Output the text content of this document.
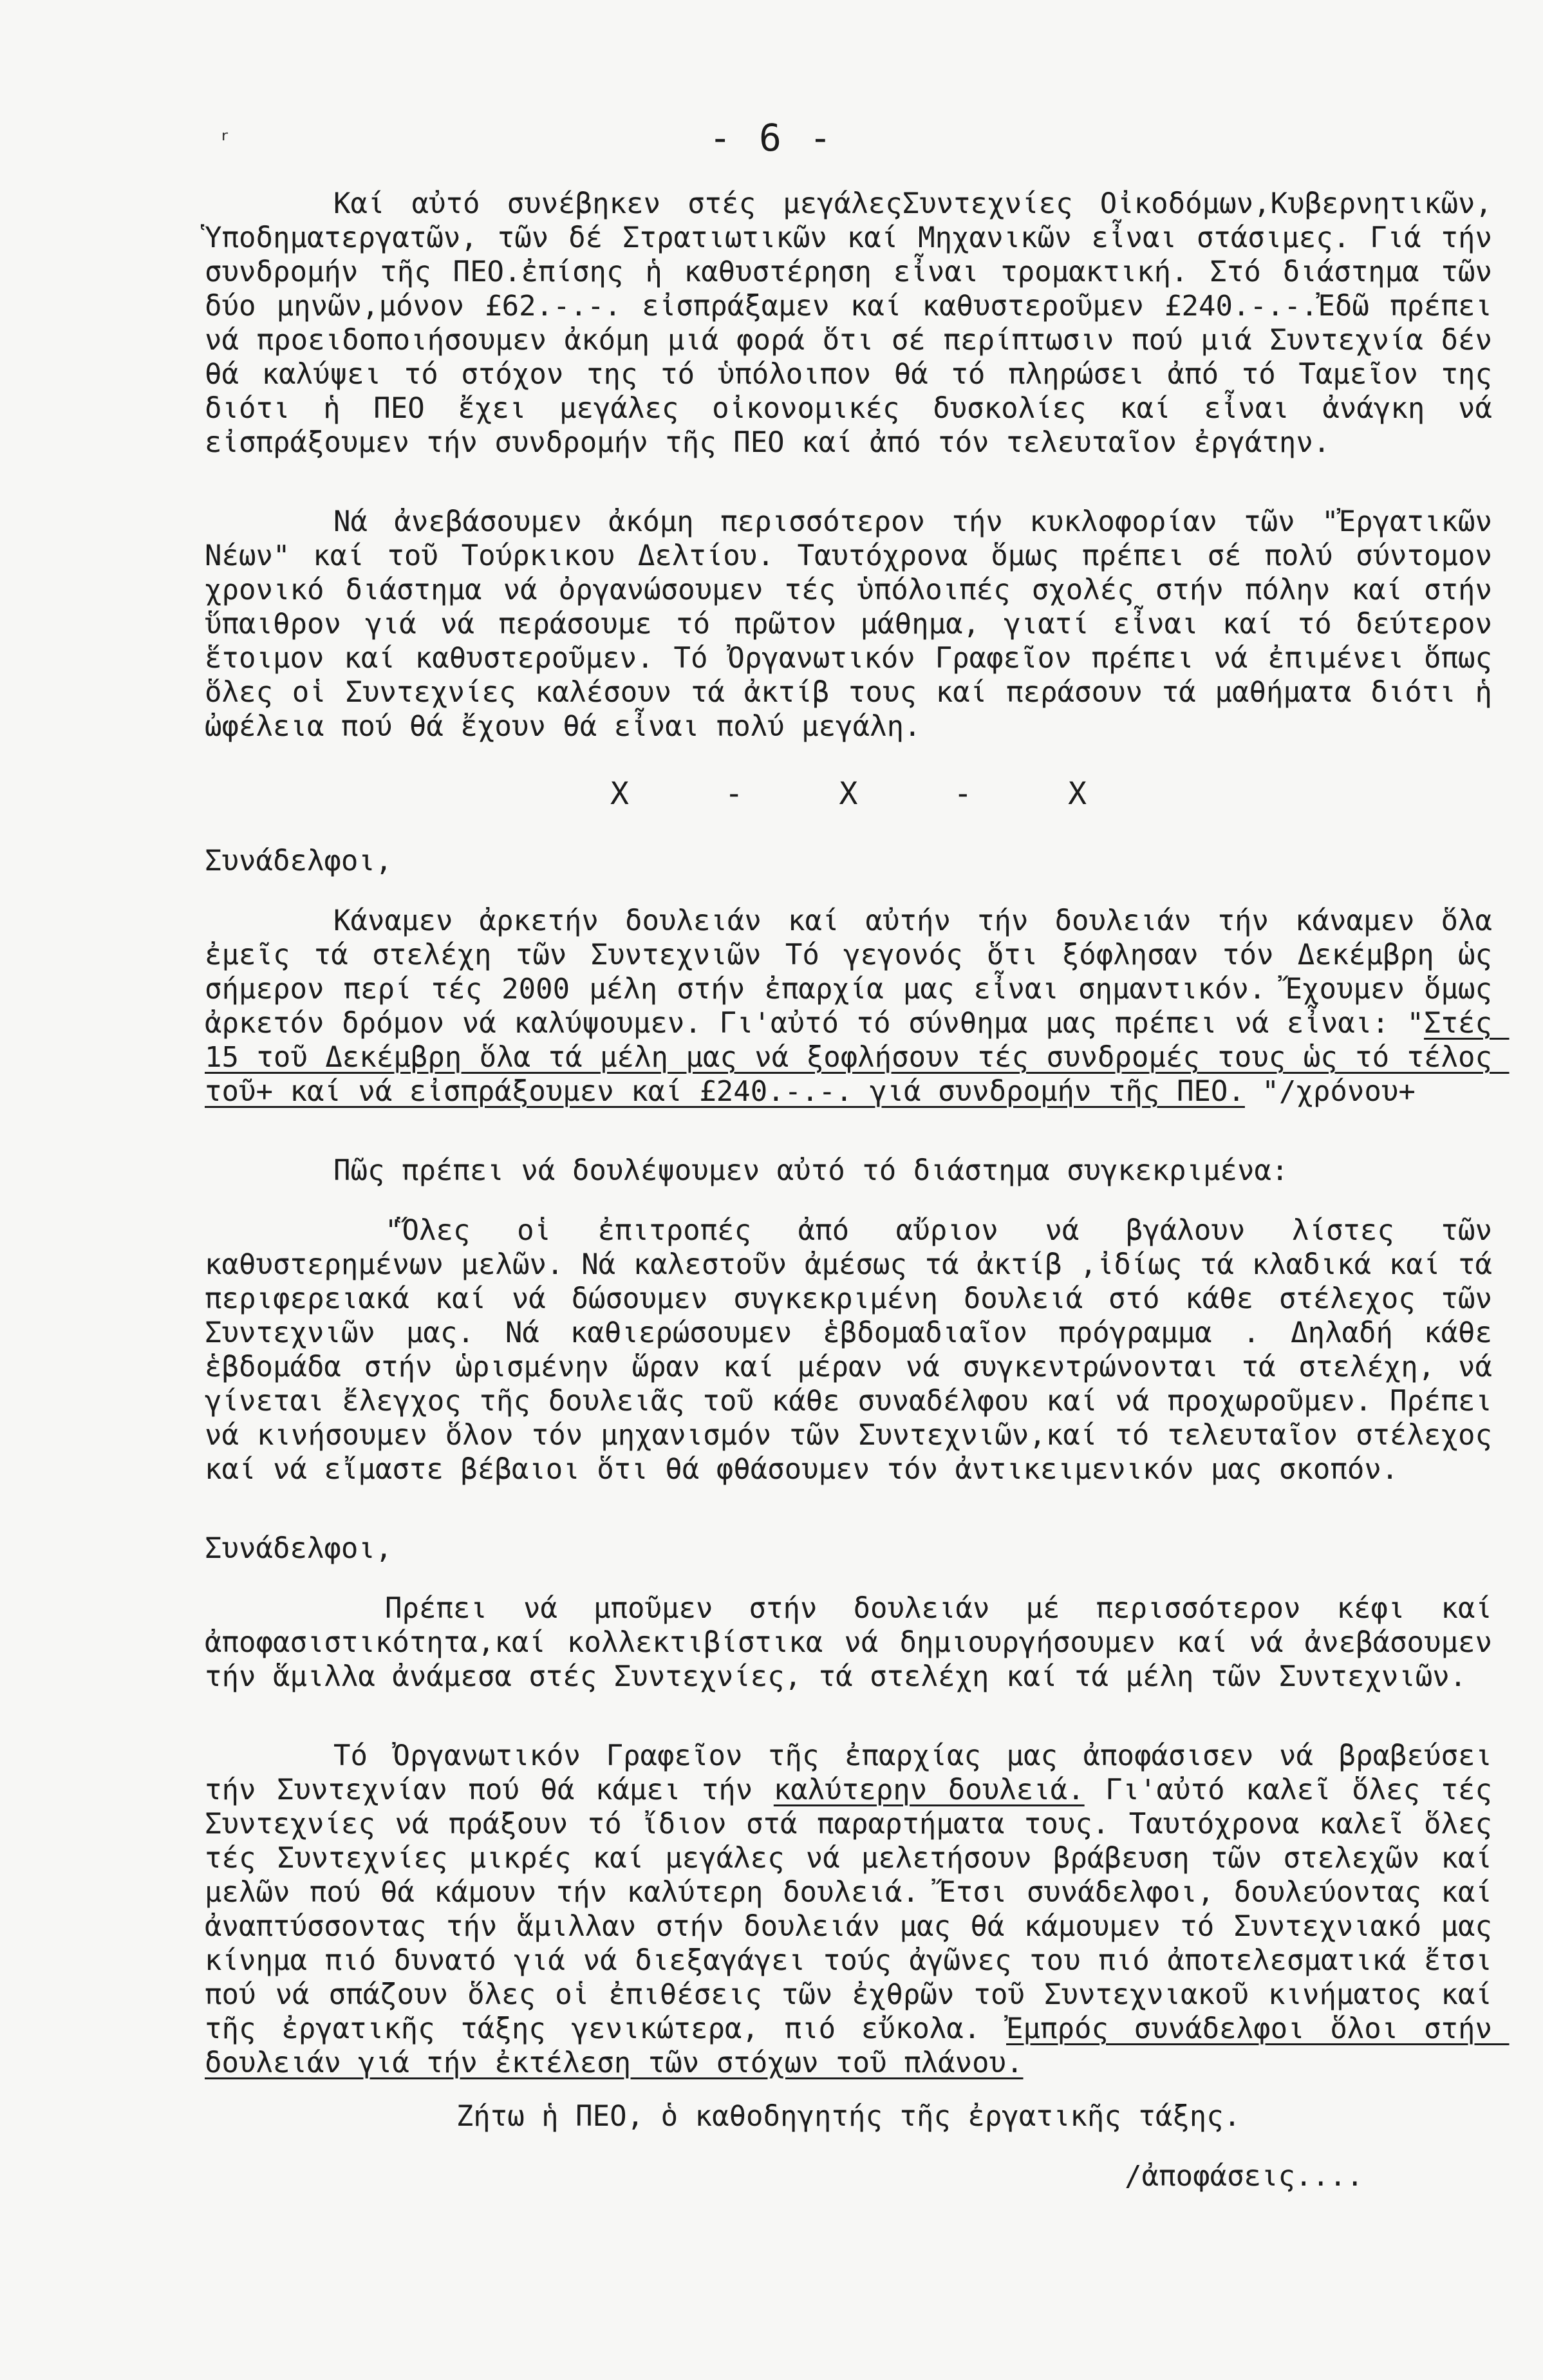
ʳ	- 6 -

Καί αὐτό συνέβηκεν στές μεγάλεςΣυντεχνίες Οἰκοδόμων,Κυβερνητικῶν, Ὑποδηματεργατῶν, τῶν δέ Στρατιωτικῶν καί Μηχανικῶν εἶναι στάσιμες. Γιά τήν συνδρομήν τῆς ΠΕΟ.ἐπίσης ἡ καθυστέρηση εἶναι τρομακτική. Στό διάστημα τῶν δύο μηνῶν,μόνον £62.-.-. εἰσπράξαμεν καί καθυστεροῦμεν £240.-.-.Ἐδῶ πρέπει νά προειδοποιήσουμεν ἀκόμη μιά φορά ὅτι σέ περίπτωσιν πού μιά Συντεχνία δέν θά καλύψει τό στόχον της τό ὑπόλοιπον θά τό πληρώσει ἀπό τό Ταμεῖον της διότι ἡ ΠΕΟ ἔχει μεγάλες οἰκονομικές δυσκολίες καί εἶναι ἀνάγκη νά εἰσπράξουμεν τήν συνδρομήν τῆς ΠΕΟ καί ἀπό τόν τελευταῖον ἐργάτην.

Νά ἀνεβάσουμεν ἀκόμη περισσότερον τήν κυκλοφορίαν τῶν "Ἐργατικῶν Νέων" καί τοῦ Τούρκικου Δελτίου. Ταυτόχρονα ὅμως πρέπει σέ πολύ σύντομον χρονικό διάστημα νά ὀργανώσουμεν τές ὑπόλοιπές σχολές στήν πόλην καί στήν ὕπαιθρον γιά νά περάσουμε τό πρῶτον μάθημα, γιατί εἶναι καί τό δεύτερον ἕτοιμον καί καθυστεροῦμεν. Τό Ὀργανωτικόν Γραφεῖον πρέπει νά ἐπιμένει ὅπως ὅλες οἱ Συντεχνίες καλέσουν τά ἀκτίβ τους καί περάσουν τά μαθήματα διότι ἡ ὠφέλεια πού θά ἔχουν θά εἶναι πολύ μεγάλη.

X - X - X

Συνάδελφοι,

Κάναμεν ἀρκετήν δουλειάν καί αὐτήν τήν δουλειάν τήν κάναμεν ὅλα ἐμεῖς τά στελέχη τῶν Συντεχνιῶν Τό γεγονός ὅτι ξόφλησαν τόν Δεκέμβρη ὡς σήμερον περί τές 2000 μέλη στήν ἐπαρχία μας εἶναι σημαντικόν. Ἔχουμεν ὅμως ἀρκετόν δρόμον νά καλύψουμεν. Γι'αὐτό τό σύνθημα μας πρέπει νά εἶναι: "Στές 15 τοῦ Δεκέμβρη ὅλα τά μέλη μας νά ξοφλήσουν τές συνδρομές τους ὡς τό τέλος τοῦ+ καί νά εἰσπράξουμεν καί £240.-.-. γιά συνδρομήν τῆς ΠΕΟ. "/χρόνου+

Πῶς πρέπει νά δουλέψουμεν αὐτό τό διάστημα συγκεκριμένα:

"Ὅλες οἱ ἐπιτροπές ἀπό αὔριον νά βγάλουν λίστες τῶν καθυστερημένων μελῶν. Νά καλεστοῦν ἀμέσως τά ἀκτίβ ,ἰδίως τά κλαδικά καί τά περιφερειακά καί νά δώσουμεν συγκεκριμένη δουλειά στό κάθε στέλεχος τῶν Συντεχνιῶν μας. Νά καθιερώσουμεν ἑβδομαδιαῖον πρόγραμμα . Δηλαδή κάθε ἑβδομάδα στήν ὡρισμένην ὥραν καί μέραν νά συγκεντρώνονται τά στελέχη, νά γίνεται ἔλεγχος τῆς δουλειᾶς τοῦ κάθε συναδέλφου καί νά προχωροῦμεν. Πρέπει νά κινήσουμεν ὅλον τόν μηχανισμόν τῶν Συντεχνιῶν,καί τό τελευταῖον στέλεχος καί νά εἴμαστε βέβαιοι ὅτι θά φθάσουμεν τόν ἀντικειμενικόν μας σκοπόν.

Συνάδελφοι,

Πρέπει νά μποῦμεν στήν δουλειάν μέ περισσότερον κέφι καί ἀποφασιστικότητα,καί κολλεκτιβίστικα νά δημιουργήσουμεν καί νά ἀνεβάσουμεν τήν ἅμιλλα ἀνάμεσα στές Συντεχνίες, τά στελέχη καί τά μέλη τῶν Συντεχνιῶν.

Τό Ὀργανωτικόν Γραφεῖον τῆς ἐπαρχίας μας ἀποφάσισεν νά βραβεύσει τήν Συντεχνίαν πού θά κάμει τήν καλύτερην δουλειά. Γι'αὐτό καλεῖ ὅλες τές Συντεχνίες νά πράξουν τό ἴδιον στά παραρτήματα τους. Ταυτόχρονα καλεῖ ὅλες τές Συντεχνίες μικρές καί μεγάλες νά μελετήσουν βράβευση τῶν στελεχῶν καί μελῶν πού θά κάμουν τήν καλύτερη δουλειά. Ἔτσι συνάδελφοι, δουλεύοντας καί ἀναπτύσσοντας τήν ἅμιλλαν στήν δουλειάν μας θά κάμουμεν τό Συντεχνιακό μας κίνημα πιό δυνατό γιά νά διεξαγάγει τούς ἀγῶνες του πιό ἀποτελεσματικά ἔτσι πού νά σπάζουν ὅλες οἱ ἐπιθέσεις τῶν ἐχθρῶν τοῦ Συντεχνιακοῦ κινήματος καί τῆς ἐργατικῆς τάξης γενικώτερα, πιό εὔκολα. Ἐμπρός συνάδελφοι ὅλοι στήν δουλειάν γιά τήν ἐκτέλεση τῶν στόχων τοῦ πλάνου.

Ζήτω ἡ ΠΕΟ, ὁ καθοδηγητής τῆς ἐργατικῆς τάξης.

/ἀποφάσεις....
